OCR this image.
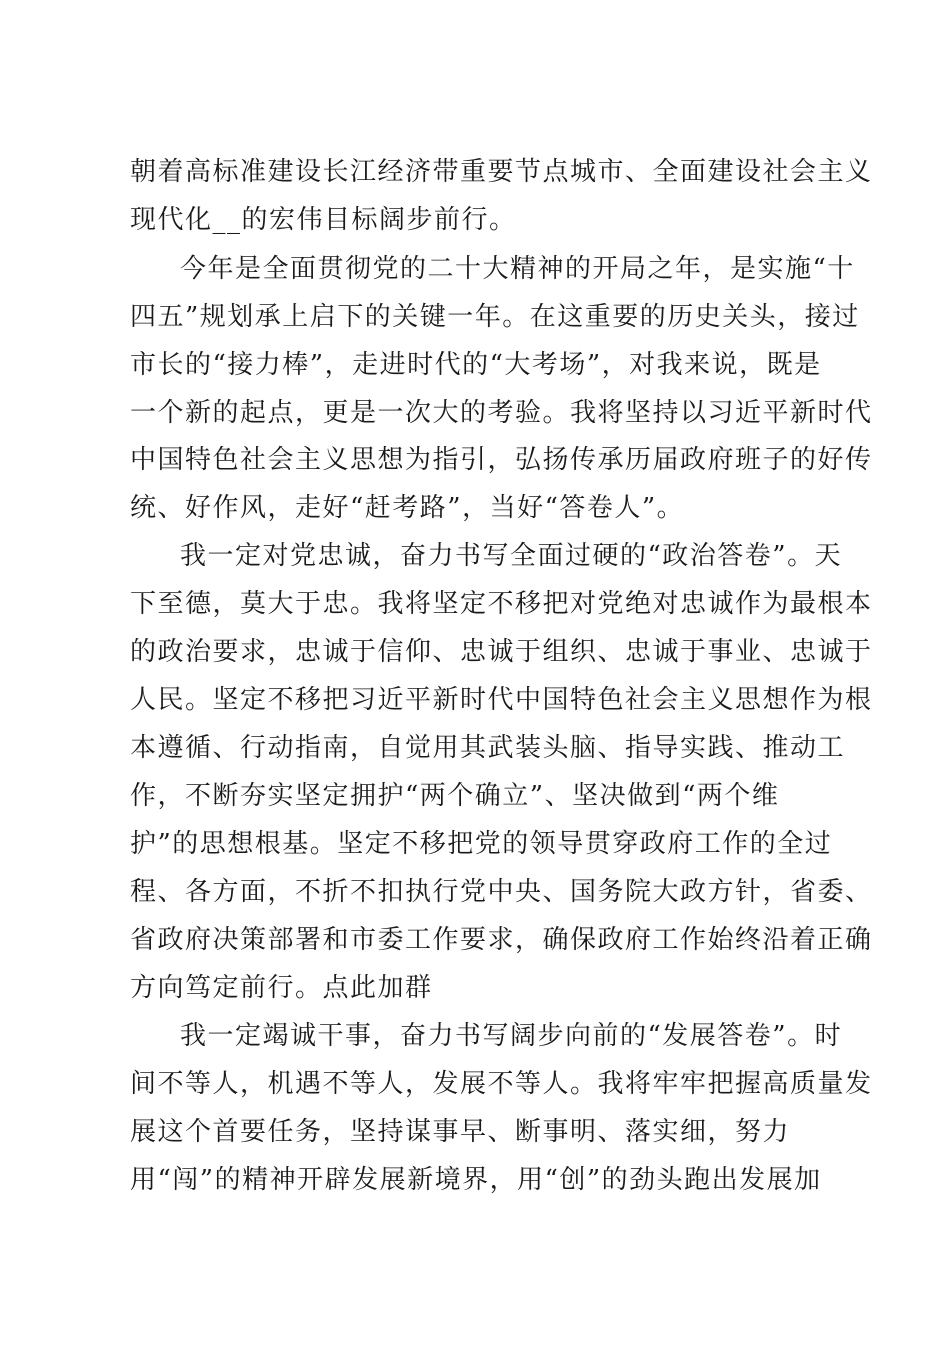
朝着高标准建设长江经济带重要节点城市、全面建设社会主义
现代化__的宏伟目标阔步前行。
今年是全面贯彻党的二十大精神的开局之年，是实施“十
四五”规划承上启下的关键一年。在这重要的历史关头，接过
市长的“接力棒”，走进时代的“大考场”，对我来说，既是
一个新的起点，更是一次大的考验。我将坚持以习近平新时代
中国特色社会主义思想为指引，弘扬传承历届政府班子的好传
统、好作风，走好“赶考路”，当好“答卷人”。
我一定对党忠诚，奋力书写全面过硬的“政治答卷”。天
下至德，莫大于忠。我将坚定不移把对党绝对忠诚作为最根本
的政治要求，忠诚于信仰、忠诚于组织、忠诚于事业、忠诚于
人民。坚定不移把习近平新时代中国特色社会主义思想作为根
本遵循、行动指南，自觉用其武装头脑、指导实践、推动工
作，不断夯实坚定拥护“两个确立”、坚决做到“两个维
护”的思想根基。坚定不移把党的领导贯穿政府工作的全过
程、各方面，不折不扣执行党中央、国务院大政方针，省委、
省政府决策部署和市委工作要求，确保政府工作始终沿着正确
方向笃定前行。点此加群
我一定竭诚干事，奋力书写阔步向前的“发展答卷”。时
间不等人，机遇不等人，发展不等人。我将牢牢把握高质量发
展这个首要任务，坚持谋事早、断事明、落实细，努力
用“闯”的精神开辟发展新境界，用“创”的劲头跑出发展加
